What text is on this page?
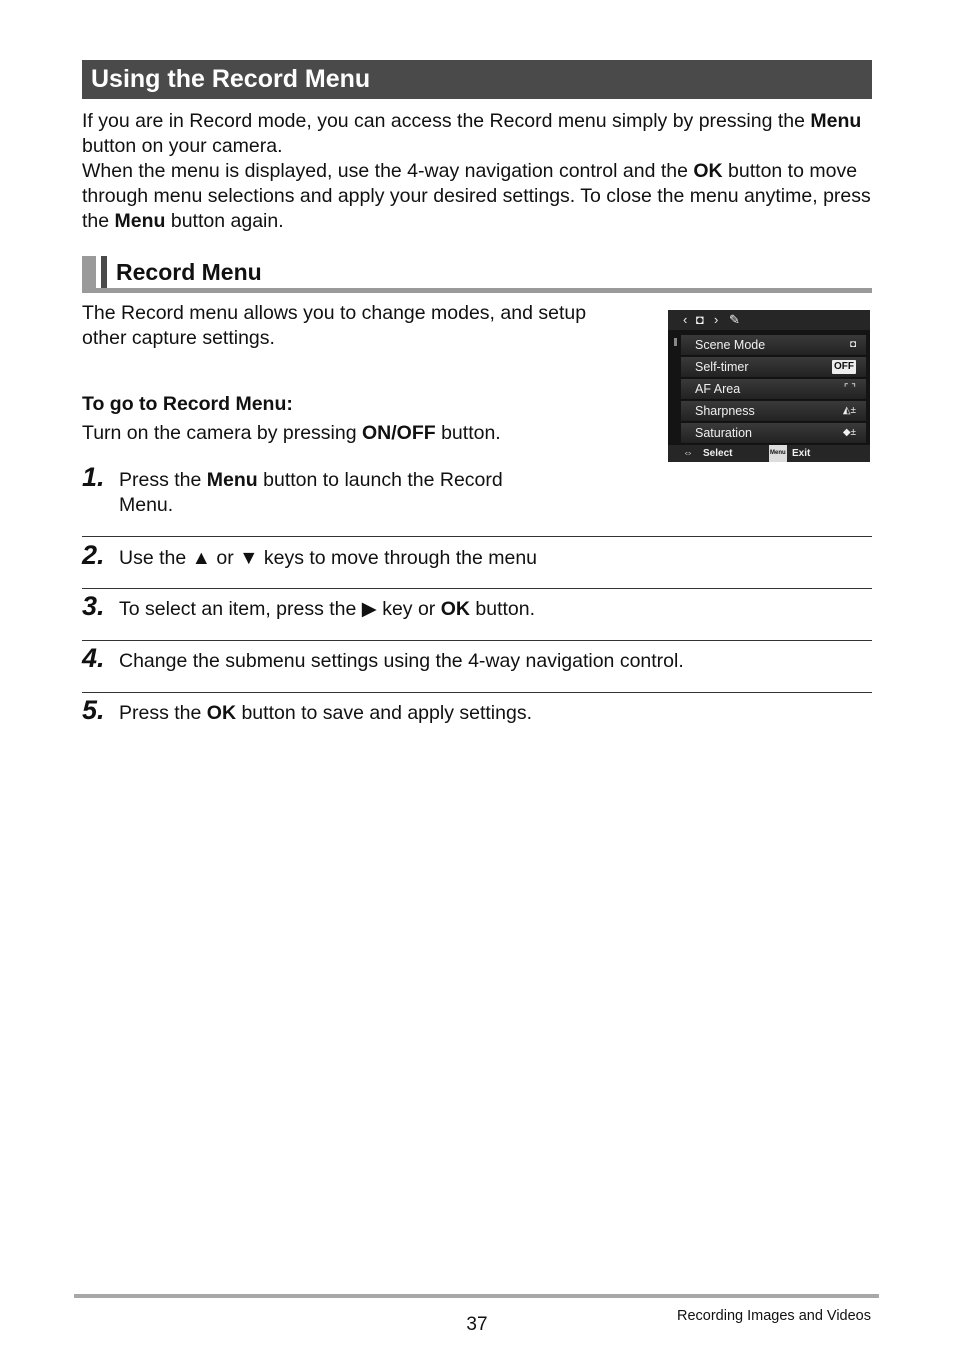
Using the Record Menu

If you are in Record mode, you can access the Record menu simply by pressing the Menu button on your camera.

When the menu is displayed, use the 4-way navigation control and the OK button to move through menu selections and apply your desired settings. To close the menu anytime, press the Menu button again.

Record Menu

The Record menu allows you to change modes, and setup other capture settings.

To go to Record Menu:

Turn on the camera by pressing ON/OFF button.

‹ ◘ › ✎
Scene Mode	◘
Self-timer	OFF
AF Area	⌜ ⌝
Sharpness	◭±
Saturation	◆±
⇔ Select	Menu Exit
1. Press the Menu button to launch the Record
Menu.
2. Use the ▲ or ▼ keys to move through the menu
3. To select an item, press the ▶ key or OK button.
4. Change the submenu settings using the 4-way navigation control.
5. Press the OK button to save and apply settings.
37	Recording Images and Videos
